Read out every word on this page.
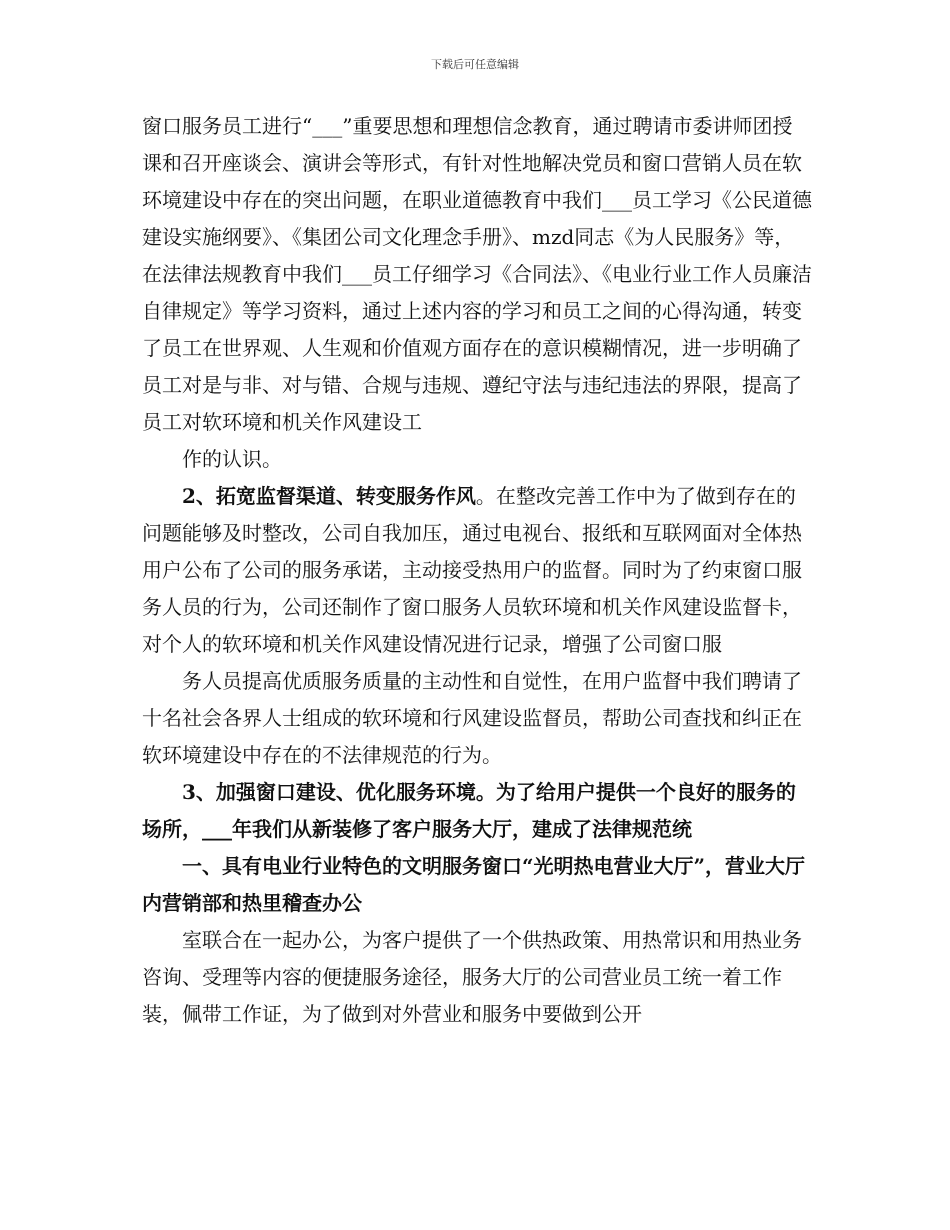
下载后可任意编辑

窗口服务员工进行“___”重要思想和理想信念教育，通过聘请市委讲师团授课和召开座谈会、演讲会等形式，有针对性地解决党员和窗口营销人员在软环境建设中存在的突出问题，在职业道德教育中我们___员工学习《公民道德建设实施纲要》、《集团公司文化理念手册》、mzd同志《为人民服务》等，在法律法规教育中我们___员工仔细学习《合同法》、《电业行业工作人员廉洁自律规定》等学习资料，通过上述内容的学习和员工之间的心得沟通，转变了员工在世界观、人生观和价值观方面存在的意识模糊情况，进一步明确了员工对是与非、对与错、合规与违规、遵纪守法与违纪违法的界限，提高了员工对软环境和机关作风建设工

作的认识。

2、拓宽监督渠道、转变服务作风。在整改完善工作中为了做到存在的问题能够及时整改，公司自我加压，通过电视台、报纸和互联网面对全体热用户公布了公司的服务承诺，主动接受热用户的监督。同时为了约束窗口服务人员的行为，公司还制作了窗口服务人员软环境和机关作风建设监督卡，对个人的软环境和机关作风建设情况进行记录，增强了公司窗口服

务人员提高优质服务质量的主动性和自觉性，在用户监督中我们聘请了十名社会各界人士组成的软环境和行风建设监督员，帮助公司查找和纠正在软环境建设中存在的不法律规范的行为。

3、加强窗口建设、优化服务环境。为了给用户提供一个良好的服务的场所，___年我们从新装修了客户服务大厅，建成了法律规范统

一、具有电业行业特色的文明服务窗口“光明热电营业大厅”，营业大厅内营销部和热里稽查办公

室联合在一起办公，为客户提供了一个供热政策、用热常识和用热业务咨询、受理等内容的便捷服务途径，服务大厅的公司营业员工统一着工作装，佩带工作证，为了做到对外营业和服务中要做到公开
